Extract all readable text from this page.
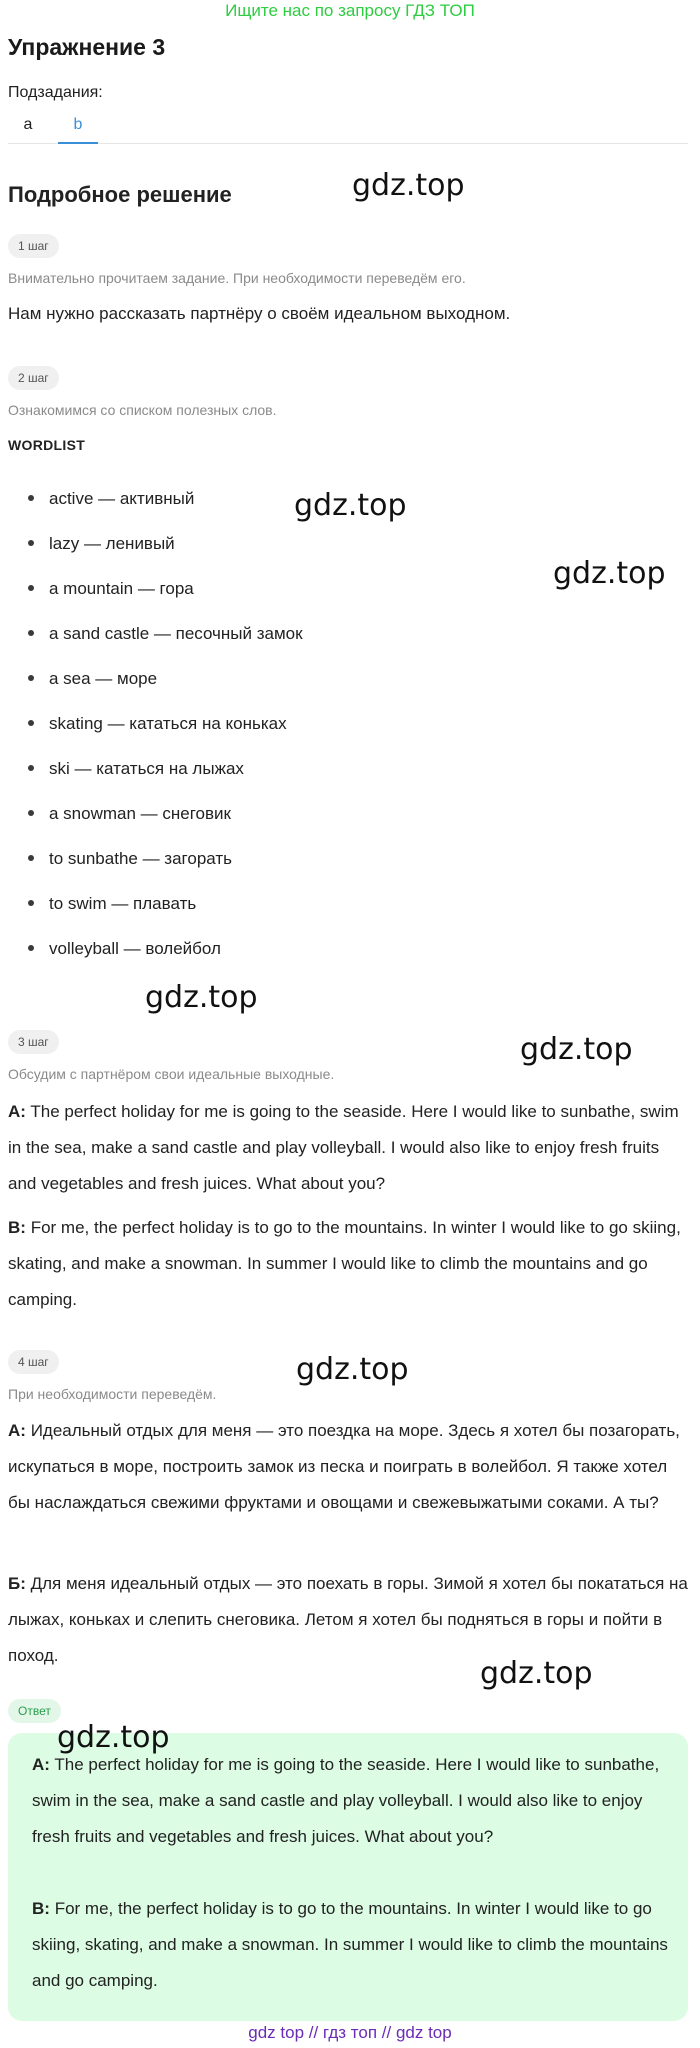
Ищите нас по запросу ГДЗ ТОП
Упражнение 3
Подзадания:
a	b
Подробное решение
1 шаг
Внимательно прочитаем задание. При необходимости переведём его.
Нам нужно рассказать партнёру о своём идеальном выходном.
2 шаг
Ознакомимся со списком полезных слов.
WORDLIST
active — активный
lazy — ленивый
a mountain — гора
a sand castle — песочный замок
a sea — море
skating — кататься на коньках
ski — кататься на лыжах
a snowman — снеговик
to sunbathe — загорать
to swim — плавать
volleyball — волейбол
3 шаг
Обсудим с партнёром свои идеальные выходные.
A: The perfect holiday for me is going to the seaside. Here I would like to sunbathe, swim in the sea, make a sand castle and play volleyball. I would also like to enjoy fresh fruits and vegetables and fresh juices. What about you?
B: For me, the perfect holiday is to go to the mountains. In winter I would like to go skiing, skating, and make a snowman. In summer I would like to climb the mountains and go camping.
4 шаг
При необходимости переведём.
А: Идеальный отдых для меня — это поездка на море. Здесь я хотел бы позагорать, искупаться в море, построить замок из песка и поиграть в волейбол. Я также хотел бы наслаждаться свежими фруктами и овощами и свежевыжатыми соками. А ты?
Б: Для меня идеальный отдых — это поехать в горы. Зимой я хотел бы покататься на лыжах, коньках и слепить снеговика. Летом я хотел бы подняться в горы и пойти в поход.
Ответ
A: The perfect holiday for me is going to the seaside. Here I would like to sunbathe, swim in the sea, make a sand castle and play volleyball. I would also like to enjoy fresh fruits and vegetables and fresh juices. What about you?
B: For me, the perfect holiday is to go to the mountains. In winter I would like to go skiing, skating, and make a snowman. In summer I would like to climb the mountains and go camping.
gdz.top
gdz.top
gdz.top
gdz.top
gdz.top
gdz.top
gdz.top
gdz.top
gdz top // гдз топ // gdz top
